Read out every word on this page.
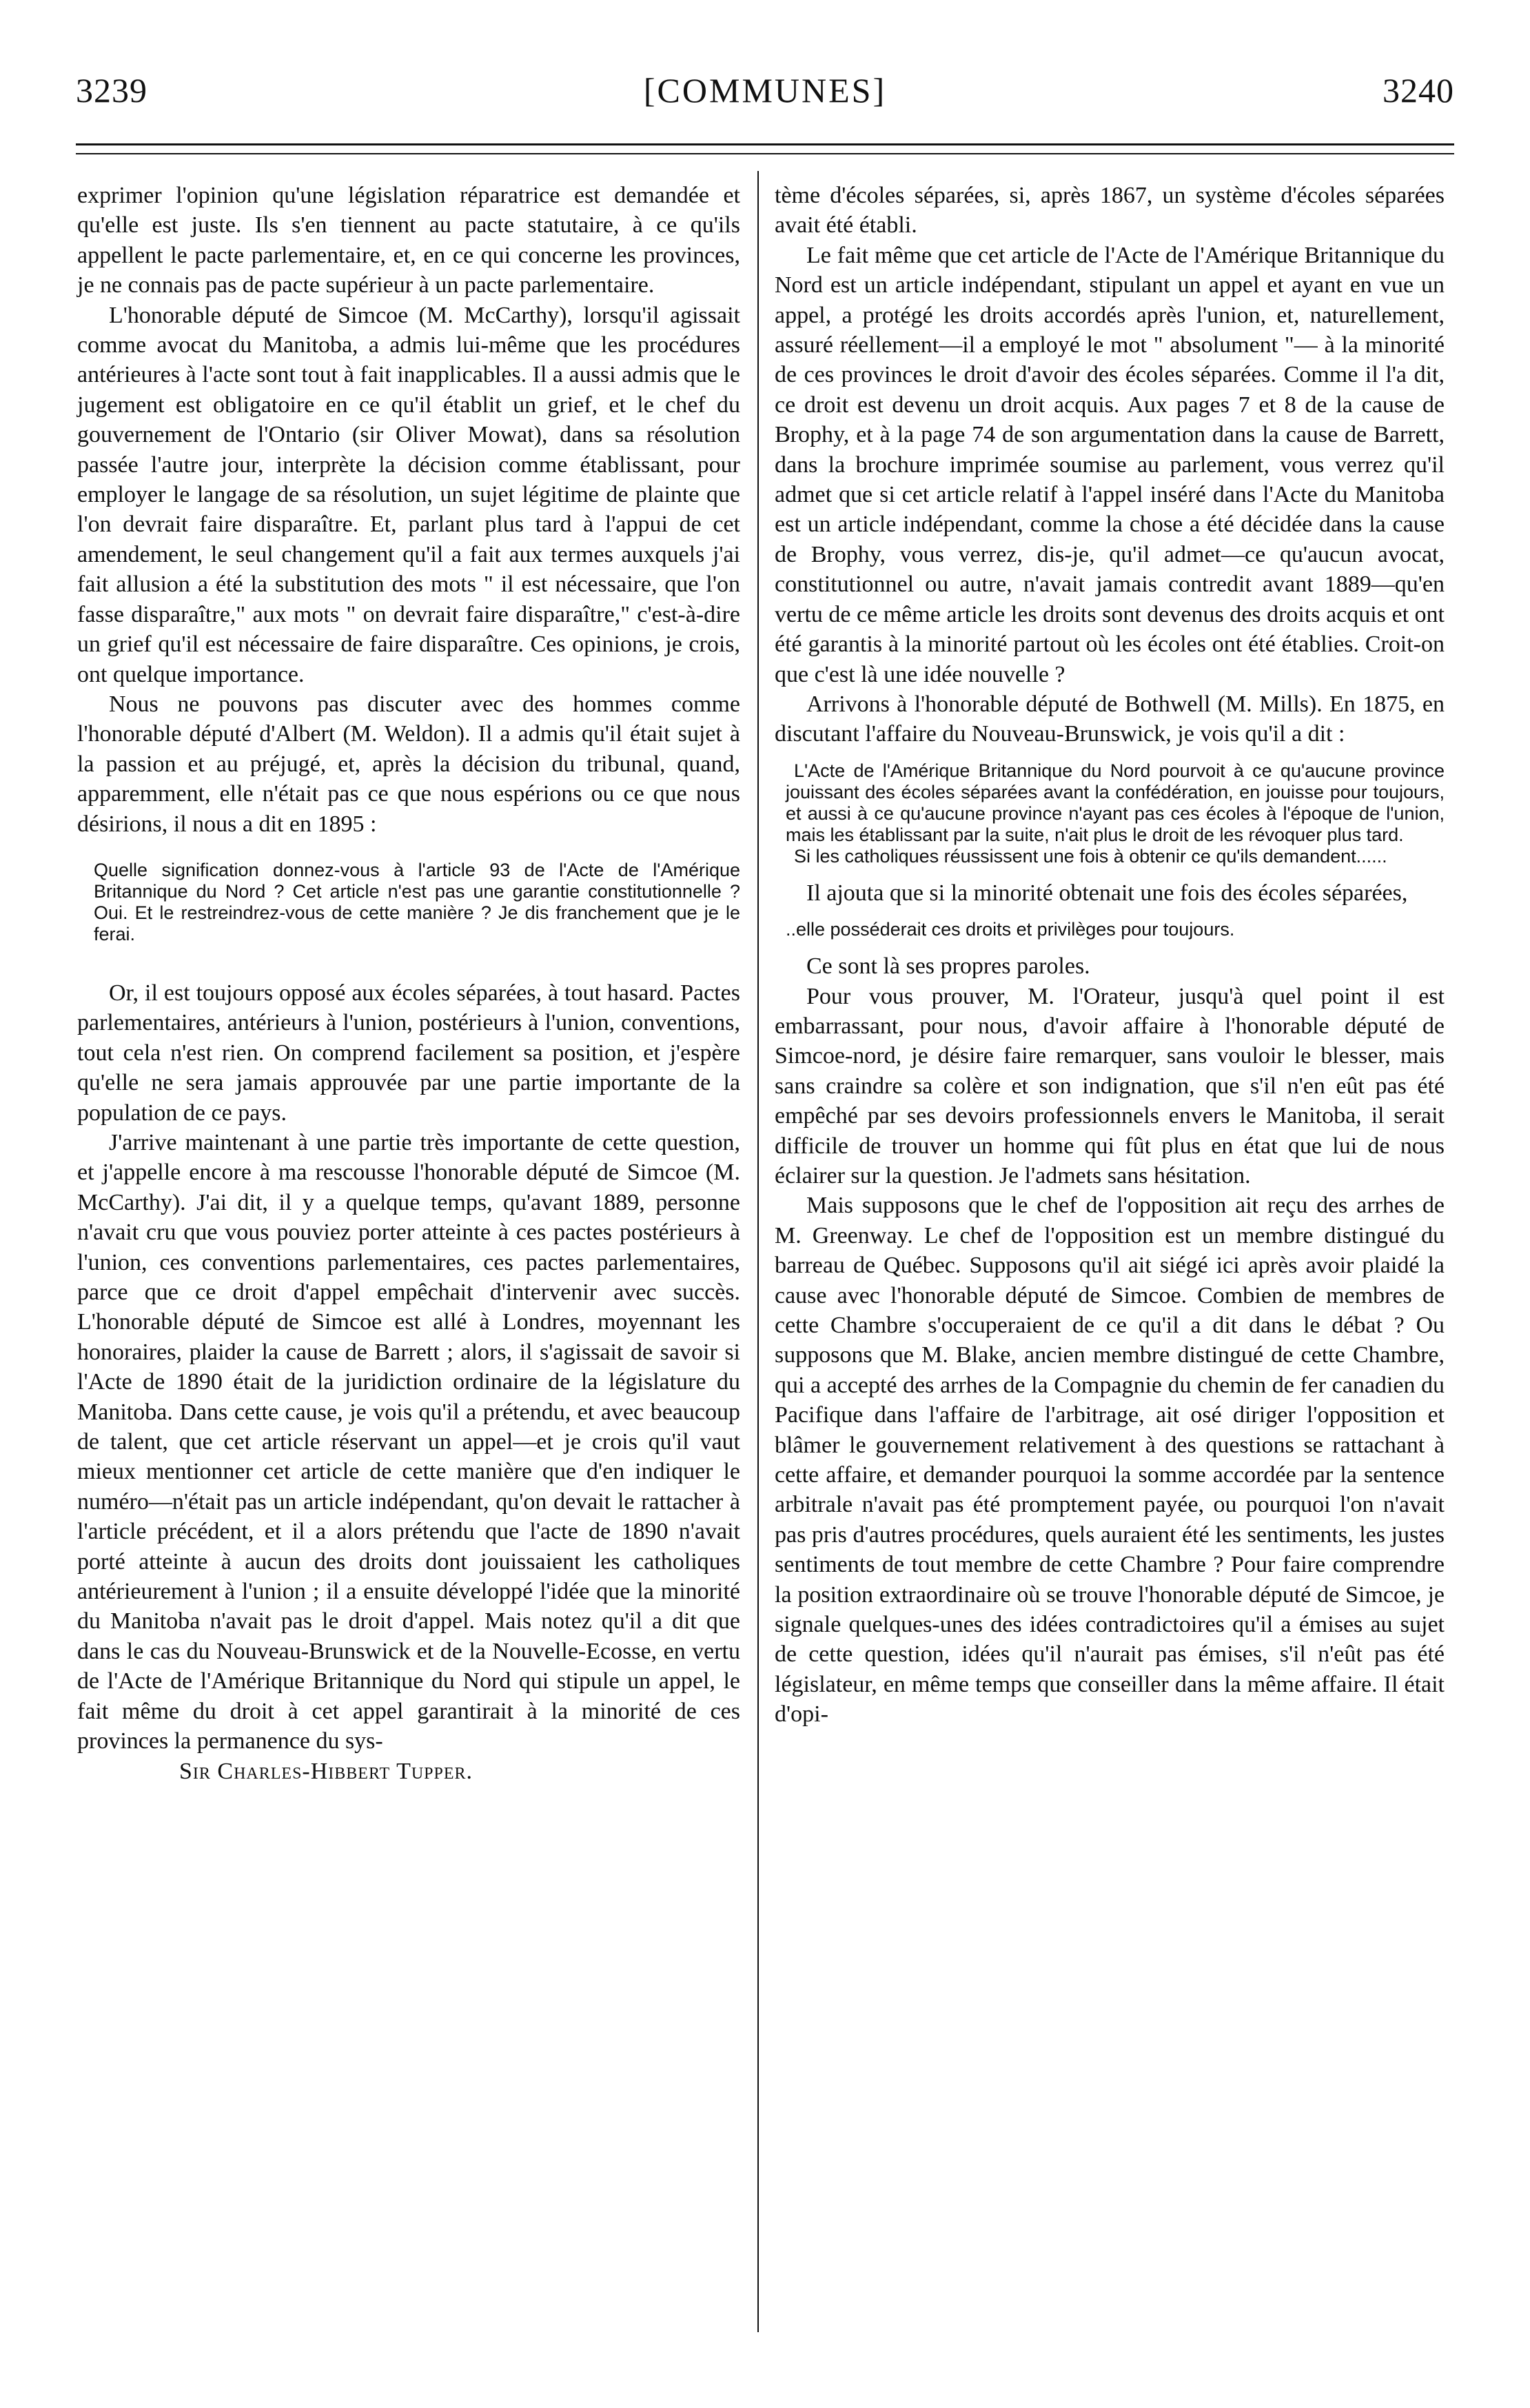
3239	[COMMUNES]	3240

exprimer l'opinion qu'une législation réparatrice est demandée et qu'elle est juste. Ils s'en tiennent au pacte statutaire, à ce qu'ils appellent le pacte parlementaire, et, en ce qui concerne les provinces, je ne connais pas de pacte supérieur à un pacte parlementaire.

L'honorable député de Simcoe (M. McCarthy), lorsqu'il agissait comme avocat du Manitoba, a admis lui-même que les procédures antérieures à l'acte sont tout à fait inapplicables. Il a aussi admis que le jugement est obligatoire en ce qu'il établit un grief, et le chef du gouvernement de l'Ontario (sir Oliver Mowat), dans sa résolution passée l'autre jour, interprète la décision comme établissant, pour employer le langage de sa résolution, un sujet légitime de plainte que l'on devrait faire disparaître. Et, parlant plus tard à l'appui de cet amendement, le seul changement qu'il a fait aux termes auxquels j'ai fait allusion a été la substitution des mots " il est nécessaire, que l'on fasse disparaître," aux mots " on devrait faire disparaître," c'est-à-dire un grief qu'il est nécessaire de faire disparaître. Ces opinions, je crois, ont quelque importance.

Nous ne pouvons pas discuter avec des hommes comme l'honorable député d'Albert (M. Weldon). Il a admis qu'il était sujet à la passion et au préjugé, et, après la décision du tribunal, quand, apparemment, elle n'était pas ce que nous espérions ou ce que nous désirions, il nous a dit en 1895 :

Quelle signification donnez-vous à l'article 93 de l'Acte de l'Amérique Britannique du Nord ? Cet article n'est pas une garantie constitutionnelle ? Oui. Et le restreindrez-vous de cette manière ? Je dis franchement que je le ferai.

Or, il est toujours opposé aux écoles séparées, à tout hasard. Pactes parlementaires, antérieurs à l'union, postérieurs à l'union, conventions, tout cela n'est rien. On comprend facilement sa position, et j'espère qu'elle ne sera jamais approuvée par une partie importante de la population de ce pays.

J'arrive maintenant à une partie très importante de cette question, et j'appelle encore à ma rescousse l'honorable député de Simcoe (M. McCarthy). J'ai dit, il y a quelque temps, qu'avant 1889, personne n'avait cru que vous pouviez porter atteinte à ces pactes postérieurs à l'union, ces conventions parlementaires, ces pactes parlementaires, parce que ce droit d'appel empêchait d'intervenir avec succès. L'honorable député de Simcoe est allé à Londres, moyennant les honoraires, plaider la cause de Barrett ; alors, il s'agissait de savoir si l'Acte de 1890 était de la juridiction ordinaire de la législature du Manitoba. Dans cette cause, je vois qu'il a prétendu, et avec beaucoup de talent, que cet article réservant un appel—et je crois qu'il vaut mieux mentionner cet article de cette manière que d'en indiquer le numéro—n'était pas un article indépendant, qu'on devait le rattacher à l'article précédent, et il a alors prétendu que l'acte de 1890 n'avait porté atteinte à aucun des droits dont jouissaient les catholiques antérieurement à l'union ; il a ensuite développé l'idée que la minorité du Manitoba n'avait pas le droit d'appel. Mais notez qu'il a dit que dans le cas du Nouveau-Brunswick et de la Nouvelle-Ecosse, en vertu de l'Acte de l'Amérique Britannique du Nord qui stipule un appel, le fait même du droit à cet appel garantirait à la minorité de ces provinces la permanence du sys-

Sir Charles-Hibbert Tupper.

tème d'écoles séparées, si, après 1867, un système d'écoles séparées avait été établi.

Le fait même que cet article de l'Acte de l'Amérique Britannique du Nord est un article indépendant, stipulant un appel et ayant en vue un appel, a protégé les droits accordés après l'union, et, naturellement, assuré réellement—il a employé le mot " absolument "— à la minorité de ces provinces le droit d'avoir des écoles séparées. Comme il l'a dit, ce droit est devenu un droit acquis. Aux pages 7 et 8 de la cause de Brophy, et à la page 74 de son argumentation dans la cause de Barrett, dans la brochure imprimée soumise au parlement, vous verrez qu'il admet que si cet article relatif à l'appel inséré dans l'Acte du Manitoba est un article indépendant, comme la chose a été décidée dans la cause de Brophy, vous verrez, dis-je, qu'il admet—ce qu'aucun avocat, constitutionnel ou autre, n'avait jamais contredit avant 1889—qu'en vertu de ce même article les droits sont devenus des droits acquis et ont été garantis à la minorité partout où les écoles ont été établies. Croit-on que c'est là une idée nouvelle ?

Arrivons à l'honorable député de Bothwell (M. Mills). En 1875, en discutant l'affaire du Nouveau-Brunswick, je vois qu'il a dit :

L'Acte de l'Amérique Britannique du Nord pourvoit à ce qu'aucune province jouissant des écoles séparées avant la confédération, en jouisse pour toujours, et aussi à ce qu'aucune province n'ayant pas ces écoles à l'époque de l'union, mais les établissant par la suite, n'ait plus le droit de les révoquer plus tard.

Si les catholiques réussissent une fois à obtenir ce qu'ils demandent......

Il ajouta que si la minorité obtenait une fois des écoles séparées,

..elle posséderait ces droits et privilèges pour toujours.

Ce sont là ses propres paroles.

Pour vous prouver, M. l'Orateur, jusqu'à quel point il est embarrassant, pour nous, d'avoir affaire à l'honorable député de Simcoe-nord, je désire faire remarquer, sans vouloir le blesser, mais sans craindre sa colère et son indignation, que s'il n'en eût pas été empêché par ses devoirs professionnels envers le Manitoba, il serait difficile de trouver un homme qui fût plus en état que lui de nous éclairer sur la question. Je l'admets sans hésitation.

Mais supposons que le chef de l'opposition ait reçu des arrhes de M. Greenway. Le chef de l'opposition est un membre distingué du barreau de Québec. Supposons qu'il ait siégé ici après avoir plaidé la cause avec l'honorable député de Simcoe. Combien de membres de cette Chambre s'occuperaient de ce qu'il a dit dans le débat ? Ou supposons que M. Blake, ancien membre distingué de cette Chambre, qui a accepté des arrhes de la Compagnie du chemin de fer canadien du Pacifique dans l'affaire de l'arbitrage, ait osé diriger l'opposition et blâmer le gouvernement relativement à des questions se rattachant à cette affaire, et demander pourquoi la somme accordée par la sentence arbitrale n'avait pas été promptement payée, ou pourquoi l'on n'avait pas pris d'autres procédures, quels auraient été les sentiments, les justes sentiments de tout membre de cette Chambre ? Pour faire comprendre la position extraordinaire où se trouve l'honorable député de Simcoe, je signale quelques-unes des idées contradictoires qu'il a émises au sujet de cette question, idées qu'il n'aurait pas émises, s'il n'eût pas été législateur, en même temps que conseiller dans la même affaire. Il était d'opi-
